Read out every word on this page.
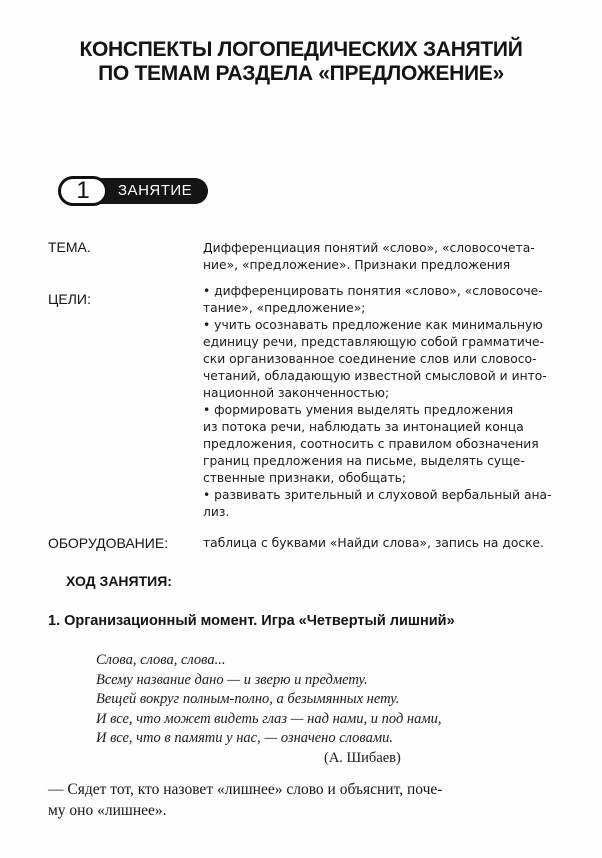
КОНСПЕКТЫ ЛОГОПЕДИЧЕСКИХ ЗАНЯТИЙ
ПО ТЕМАМ РАЗДЕЛА «ПРЕДЛОЖЕНИЕ»
1	ЗАНЯТИЕ
ТЕМА.	Дифференциация понятий «слово», «словосочета-
ние», «предложение». Признаки предложения
ЦЕЛИ:	• дифференцировать понятия «слово», «словосоче-
тание», «предложение»;
• учить осознавать предложение как минимальную
единицу речи, представляющую собой грамматиче-
ски организованное соединение слов или словосо-
четаний, обладающую известной смысловой и инто-
национной законченностью;
• формировать умения выделять предложения
из потока речи, наблюдать за интонацией конца
предложения, соотносить с правилом обозначения
границ предложения на письме, выделять суще-
ственные признаки, обобщать;
• развивать зрительный и слуховой вербальный ана-
лиз.
ОБОРУДОВАНИЕ:	таблица с буквами «Найди слова», запись на доске.
ХОД ЗАНЯТИЯ:
1. Организационный момент. Игра «Четвертый лишний»
Слова, слова, слова...
Всему название дано — и зверю и предмету.
Вещей вокруг полным-полно, а безымянных нету.
И все, что может видеть глаз — над нами, и под нами,
И все, что в памяти у нас, — означено словами.
(А. Шибаев)
— Сядет тот, кто назовет «лишнее» слово и объяснит, поче-
му оно «лишнее».
